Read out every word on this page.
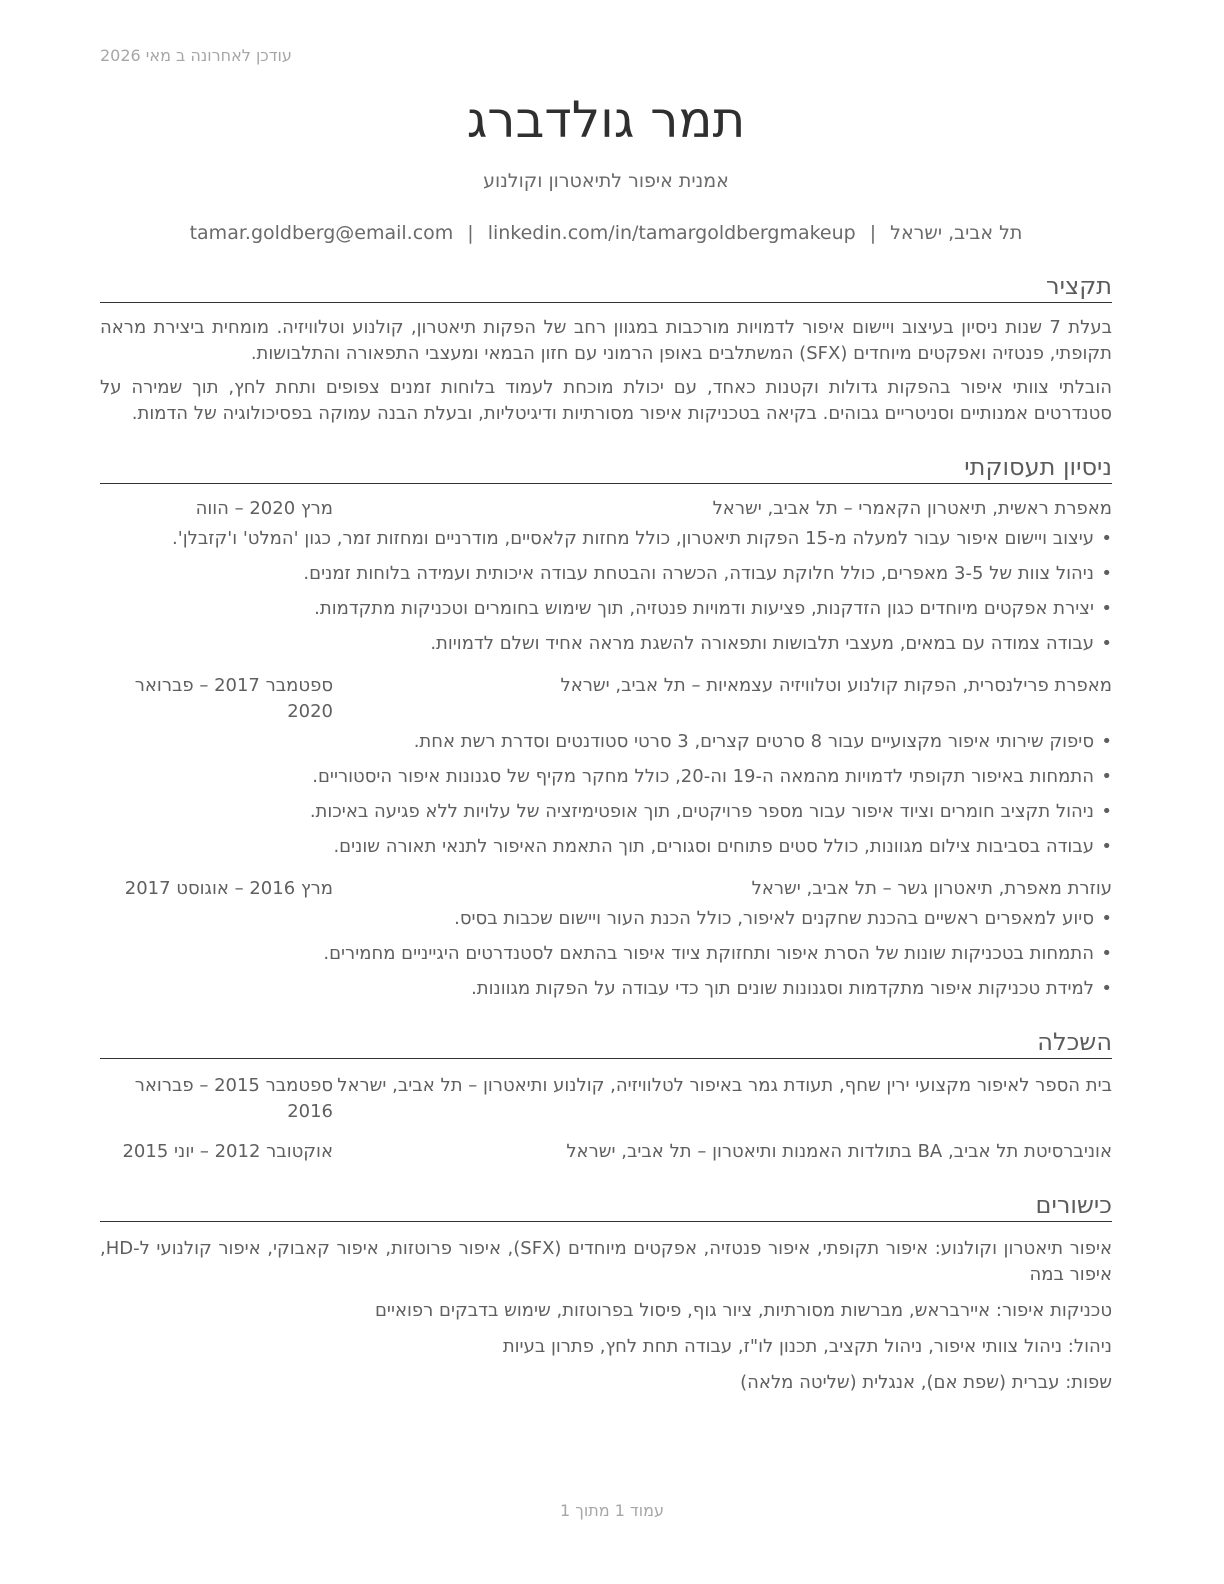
עודכן לאחרונה ב מאי 2026
תמר גולדברג
אמנית איפור לתיאטרון וקולנוע
תל אביב, ישראל|tamar.goldberg@email.com | linkedin.com/in/tamargoldbergmakeup
תקציר

בעלת 7 שנות ניסיון בעיצוב ויישום איפור לדמויות מורכבות במגוון רחב של הפקות תיאטרון, קולנוע וטלוויזיה. מומחית ביצירת מראה תקופתי, פנטזיה ואפקטים מיוחדים (SFX) המשתלבים באופן הרמוני עם חזון הבמאי ומעצבי התפאורה והתלבושות.

הובלתי צוותי איפור בהפקות גדולות וקטנות כאחד, עם יכולת מוכחת לעמוד בלוחות זמנים צפופים ותחת לחץ, תוך שמירה על סטנדרטים אמנותיים וסניטריים גבוהים. בקיאה בטכניקות איפור מסורתיות ודיגיטליות, ובעלת הבנה עמוקה בפסיכולוגיה של הדמות.

ניסיון תעסוקתי
מאפרת ראשית, תיאטרון הקאמרי – תל אביב, ישראל
מרץ 2020 – הווה
• עיצוב ויישום איפור עבור למעלה מ-15 הפקות תיאטרון, כולל מחזות קלאסיים, מודרניים ומחזות זמר, כגון 'המלט' ו'קזבלן'.
• ניהול צוות של 3-5 מאפרים, כולל חלוקת עבודה, הכשרה והבטחת עבודה איכותית ועמידה בלוחות זמנים.
• יצירת אפקטים מיוחדים כגון הזדקנות, פציעות ודמויות פנטזיה, תוך שימוש בחומרים וטכניקות מתקדמות.
• עבודה צמודה עם במאים, מעצבי תלבושות ותפאורה להשגת מראה אחיד ושלם לדמויות.
מאפרת פרילנסרית, הפקות קולנוע וטלוויזיה עצמאיות – תל אביב, ישראל
ספטמבר 2017 – פברואר 2020
• סיפוק שירותי איפור מקצועיים עבור 8 סרטים קצרים, 3 סרטי סטודנטים וסדרת רשת אחת.
• התמחות באיפור תקופתי לדמויות מהמאה ה-19 וה-20, כולל מחקר מקיף של סגנונות איפור היסטוריים.
• ניהול תקציב חומרים וציוד איפור עבור מספר פרויקטים, תוך אופטימיזציה של עלויות ללא פגיעה באיכות.
• עבודה בסביבות צילום מגוונות, כולל סטים פתוחים וסגורים, תוך התאמת האיפור לתנאי תאורה שונים.
עוזרת מאפרת, תיאטרון גשר – תל אביב, ישראל
מרץ 2016 – אוגוסט 2017
• סיוע למאפרים ראשיים בהכנת שחקנים לאיפור, כולל הכנת העור ויישום שכבות בסיס.
• התמחות בטכניקות שונות של הסרת איפור ותחזוקת ציוד איפור בהתאם לסטנדרטים היגייניים מחמירים.
• למידת טכניקות איפור מתקדמות וסגנונות שונים תוך כדי עבודה על הפקות מגוונות.
השכלה
בית הספר לאיפור מקצועי ירין שחף, תעודת גמר באיפור לטלוויזיה, קולנוע ותיאטרון – תל אביב, ישראל
ספטמבר 2015 – פברואר 2016
אוניברסיטת תל אביב, BA בתולדות האמנות ותיאטרון – תל אביב, ישראל
אוקטובר 2012 – יוני 2015
כישורים

איפור תיאטרון וקולנוע: איפור תקופתי, איפור פנטזיה, אפקטים מיוחדים (SFX), איפור פרוטזות, איפור קאבוקי, איפור קולנועי ל-HD, איפור במה

טכניקות איפור: איירבראש, מברשות מסורתיות, ציור גוף, פיסול בפרוטזות, שימוש בדבקים רפואיים

ניהול: ניהול צוותי איפור, ניהול תקציב, תכנון לו"ז, עבודה תחת לחץ, פתרון בעיות

שפות: עברית (שפת אם), אנגלית (שליטה מלאה)

עמוד 1 מתוך 1
